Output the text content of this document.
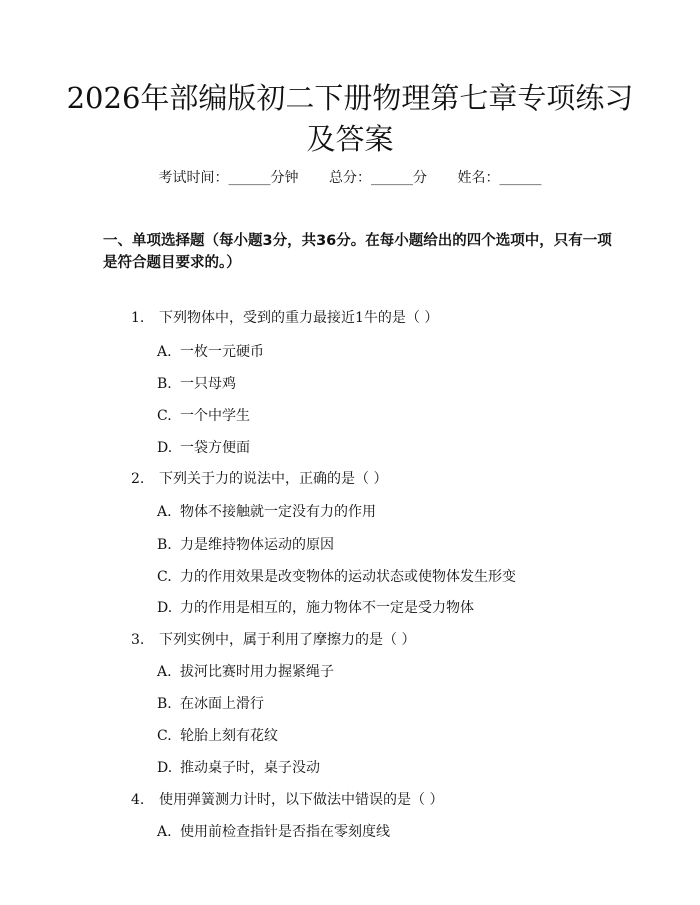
2026年部编版初二下册物理第七章专项练习及答案
考试时间：______分钟 总分：______分 姓名：______
一、单项选择题（每小题3分，共36分。在每小题给出的四个选项中，只有一项是符合题目要求的。）
1. 下列物体中，受到的重力最接近1牛的是（ ）
A. 一枚一元硬币
B. 一只母鸡
C. 一个中学生
D. 一袋方便面
2. 下列关于力的说法中，正确的是（ ）
A. 物体不接触就一定没有力的作用
B. 力是维持物体运动的原因
C. 力的作用效果是改变物体的运动状态或使物体发生形变
D. 力的作用是相互的，施力物体不一定是受力物体
3. 下列实例中，属于利用了摩擦力的是（ ）
A. 拔河比赛时用力握紧绳子
B. 在冰面上滑行
C. 轮胎上刻有花纹
D. 推动桌子时，桌子没动
4. 使用弹簧测力计时，以下做法中错误的是（ ）
A. 使用前检查指针是否指在零刻度线
